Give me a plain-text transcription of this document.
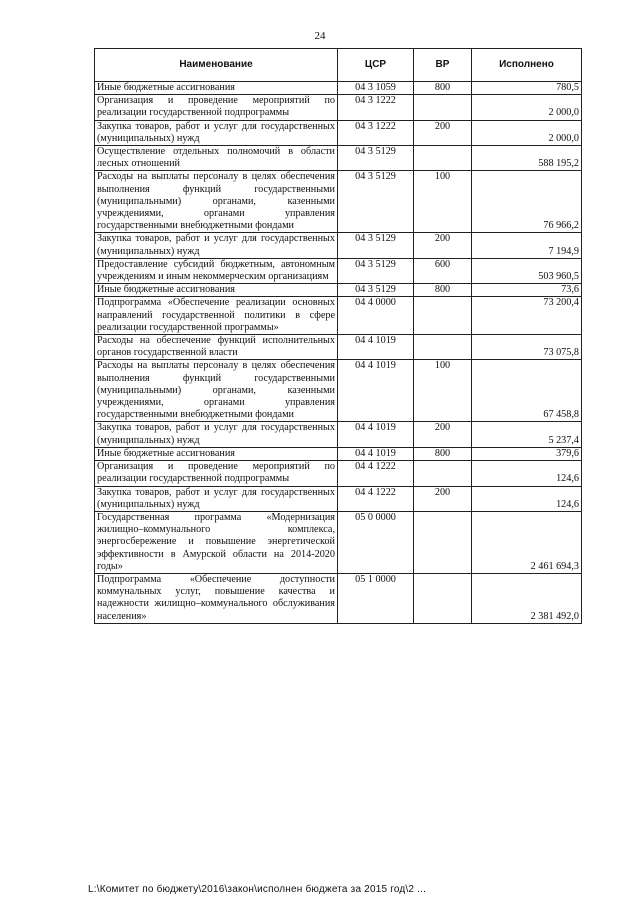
24
Наименование	ЦСР	ВР	Исполнено
Иные бюджетные ассигнования	04 3 1059	800	780,5
Организация и проведение мероприятий по реализации государственной подпрограммы	04 3 1222		2 000,0
Закупка товаров, работ и услуг для государственных (муниципальных) нужд	04 3 1222	200	2 000,0
Осуществление отдельных полномочий в области лесных отношений	04 3 5129		588 195,2
Расходы на выплаты персоналу в целях обеспечения выполнения функций государственными (муниципальными) органами, казенными учреждениями, органами управления государственными внебюджетными фондами	04 3 5129	100	76 966,2
Закупка товаров, работ и услуг для государственных (муниципальных) нужд	04 3 5129	200	7 194,9
Предоставление субсидий бюджетным, автономным учреждениям и иным некоммерческим организациям	04 3 5129	600	503 960,5
Иные бюджетные ассигнования	04 3 5129	800	73,6
Подпрограмма «Обеспечение реализации основных направлений государственной политики в сфере реализации государственной программы»	04 4 0000		73 200,4
Расходы на обеспечение функций исполнительных органов государственной власти	04 4 1019		73 075,8
Расходы на выплаты персоналу в целях обеспечения выполнения функций государственными (муниципальными) органами, казенными учреждениями, органами управления государственными внебюджетными фондами	04 4 1019	100	67 458,8
Закупка товаров, работ и услуг для государственных (муниципальных) нужд	04 4 1019	200	5 237,4
Иные бюджетные ассигнования	04 4 1019	800	379,6
Организация и проведение мероприятий по реализации государственной подпрограммы	04 4 1222		124,6
Закупка товаров, работ и услуг для государственных (муниципальных) нужд	04 4 1222	200	124,6
Государственная программа «Модернизация жилищно–коммунального комплекса, энергосбережение и повышение энергетической эффективности в Амурской области на 2014-2020 годы»	05 0 0000		2 461 694,3
Подпрограмма «Обеспечение доступности коммунальных услуг, повышение качества и надежности жилищно–коммунального обслуживания населения»	05 1 0000		2 381 492,0
L:\Комитет по бюджету\2016\закон\исполнен бюджета за 2015 год\2 ...
